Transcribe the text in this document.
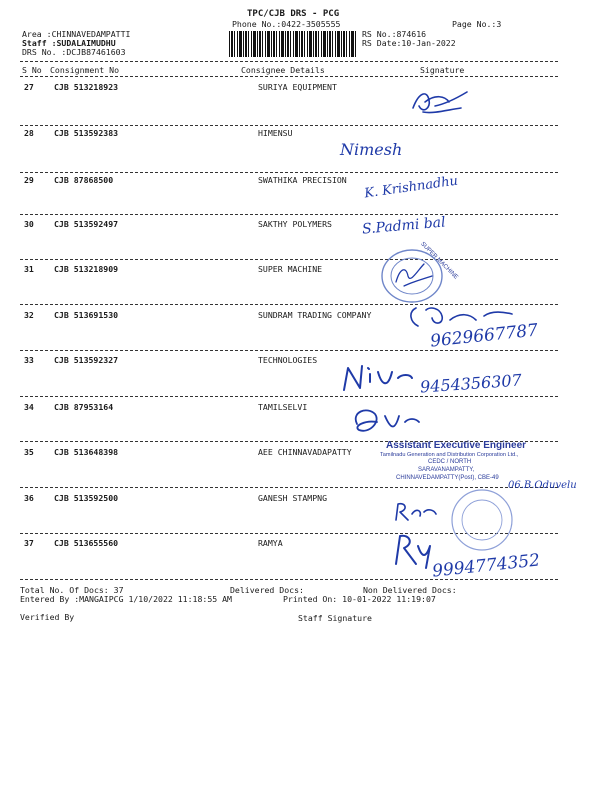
TPC/CJB DRS - PCG
Phone No.:0422-3505555	Page No.:3
Area :CHINNAVEDAMPATTI
Staff :SUDALAIMUDHU
DRS No. :DCJB87461603
RS No.:874616
RS Date:10-Jan-2022
S No Consignment No	Consignee Details	Signature
27 CJB 513218923	SURIYA EQUIPMENT
28 CJB 513592383	HIMENSU
29 CJB 87868500	SWATHIKA PRECISION
30 CJB 513592497	SAKTHY POLYMERS
31 CJB 513218909	SUPER MACHINE
32 CJB 513691530	SUNDRAM TRADING COMPANY
33 CJB 513592327	TECHNOLOGIES
34 CJB 87953164	TAMILSELVI
35 CJB 513648398	AEE CHINNAVADAPATTY
36 CJB 513592500	GANESH STAMPNG
37 CJB 513655560	RAMYA
Nimesh
K. Krishnadhu
S.Padmi bal
SUPER MACHINE
9629667787
9454356307
Assistant Executive Engineer
Tamilnadu Generation and Distribution Corporation Ltd.,
CEDC / NORTH
SARAVANAMPATTY,
CHINNAVEDAMPATTY(Post), CBE-49
06.B.Oduvelu
9994774352
Total No. Of Docs: 37	Delivered Docs:	Non Delivered Docs:
Entered By :MANGAIPCG 1/10/2022 11:18:55 AM	Printed On: 10-01-2022 11:19:07
Verified By	Staff Signature
